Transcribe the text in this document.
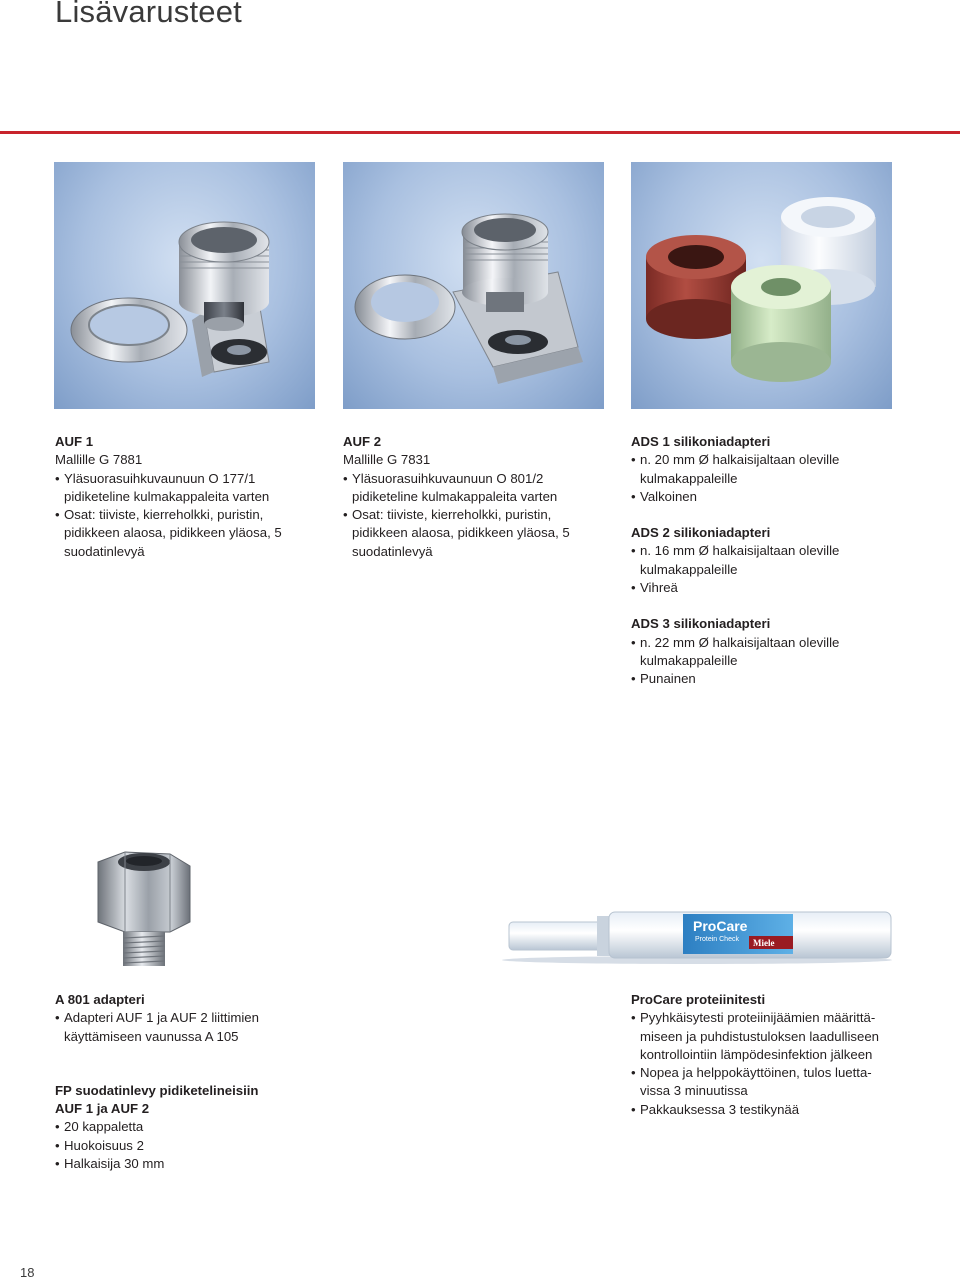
Lisävarusteet
AUF 1

Mallille G 7881

• Yläsuorasuihkuvaunuun O 177/1 pidiketeline kulmakappaleita varten
• Osat: tiiviste, kierreholkki, puristin, pidikkeen alaosa, pidikkeen yläosa, 5 suodatinlevyä
AUF 2

Mallille G 7831

• Yläsuorasuihkuvaunuun O 801/2 pidiketeline kulmakappaleita varten
• Osat: tiiviste, kierreholkki, puristin, pidikkeen alaosa, pidikkeen yläosa, 5 suodatinlevyä
ADS 1 silikoniadapteri
• n. 20 mm Ø halkaisijaltaan oleville kulmakappaleille
• Valkoinen
ADS 2 silikoniadapteri
• n. 16 mm Ø halkaisijaltaan oleville kulmakappaleille
• Vihreä
ADS 3 silikoniadapteri
• n. 22 mm Ø halkaisijaltaan oleville kulmakappaleille
• Punainen
ProCare
Protein Check Miele
A 801 adapteri
• Adapteri AUF 1 ja AUF 2 liittimien käyttämiseen vaunussa A 105
FP suodatinlevy pidiketelineisiin
AUF 1 ja AUF 2
• 20 kappaletta
• Huokoisuus 2
• Halkaisija 30 mm
ProCare proteiinitesti
• Pyyhkäisytesti proteiinijäämien määrittä-miseen ja puhdistustuloksen laadulliseen kontrollointiin lämpödesinfektion jälkeen
• Nopea ja helppokäyttöinen, tulos luetta-vissa 3 minuutissa
• Pakkauksessa 3 testikynää
18
